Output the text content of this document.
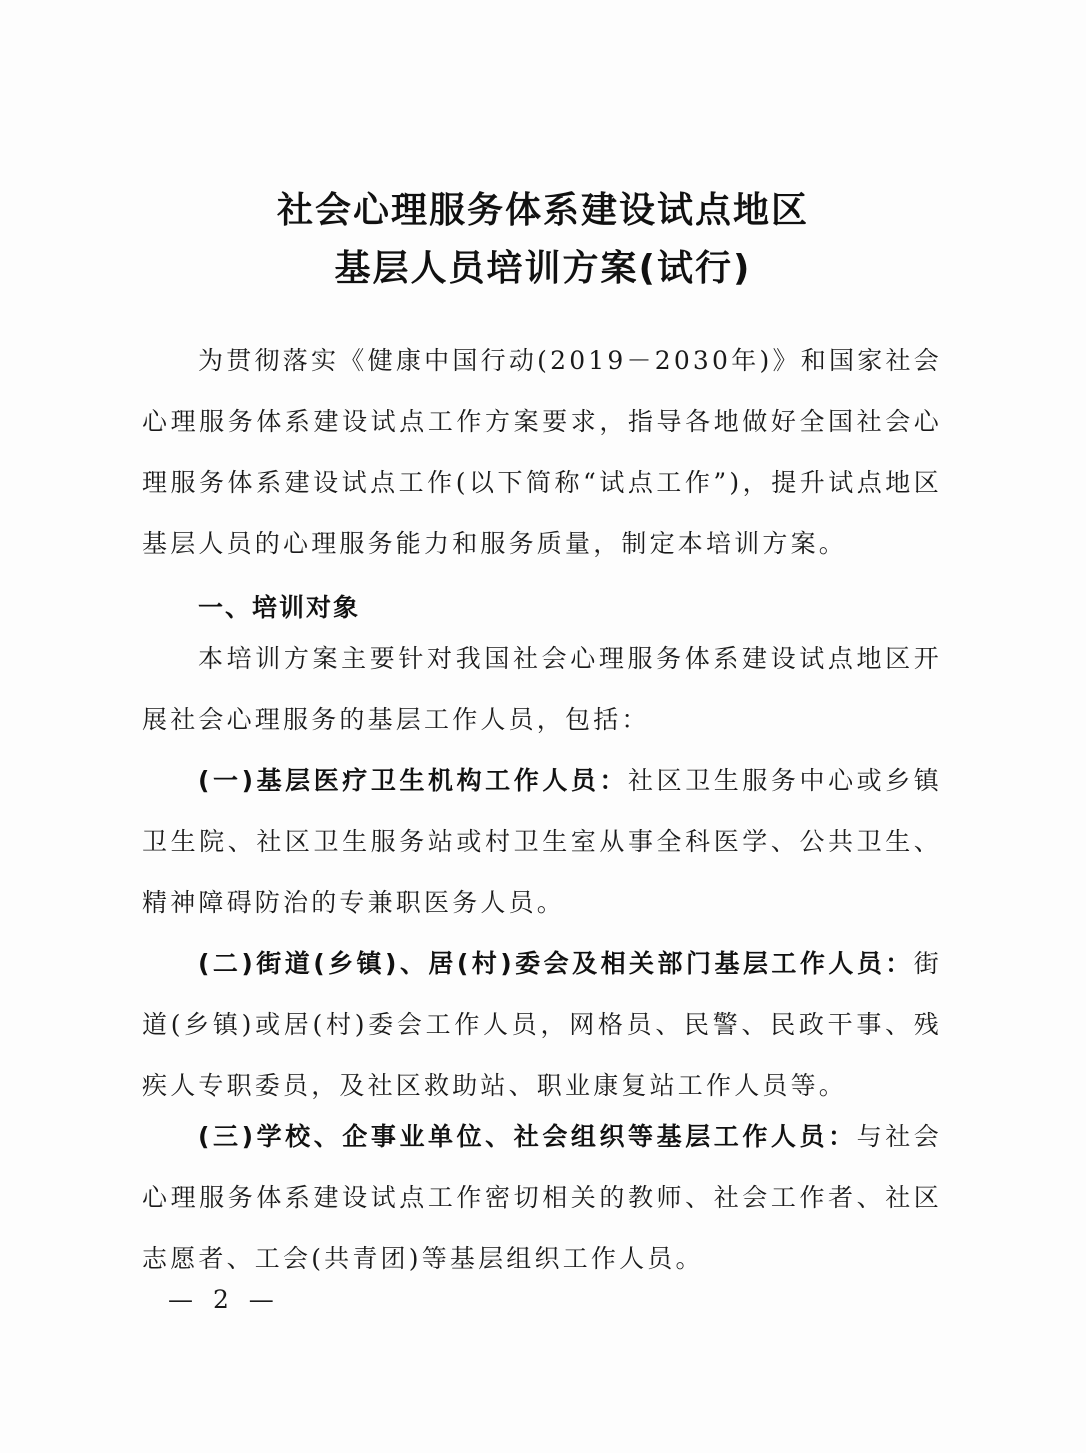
社会心理服务体系建设试点地区
基层人员培训方案(试行)

为贯彻落实《健康中国行动(2019－2030年)》和国家社会心理服务体系建设试点工作方案要求，指导各地做好全国社会心理服务体系建设试点工作(以下简称“试点工作”)，提升试点地区基层人员的心理服务能力和服务质量，制定本培训方案。

一、培训对象

本培训方案主要针对我国社会心理服务体系建设试点地区开展社会心理服务的基层工作人员，包括：

(一)基层医疗卫生机构工作人员：社区卫生服务中心或乡镇卫生院、社区卫生服务站或村卫生室从事全科医学、公共卫生、精神障碍防治的专兼职医务人员。

(二)街道(乡镇)、居(村)委会及相关部门基层工作人员：街道(乡镇)或居(村)委会工作人员，网格员、民警、民政干事、残疾人专职委员，及社区救助站、职业康复站工作人员等。

(三)学校、企事业单位、社会组织等基层工作人员：与社会心理服务体系建设试点工作密切相关的教师、社会工作者、社区志愿者、工会(共青团)等基层组织工作人员。

— 2 —
